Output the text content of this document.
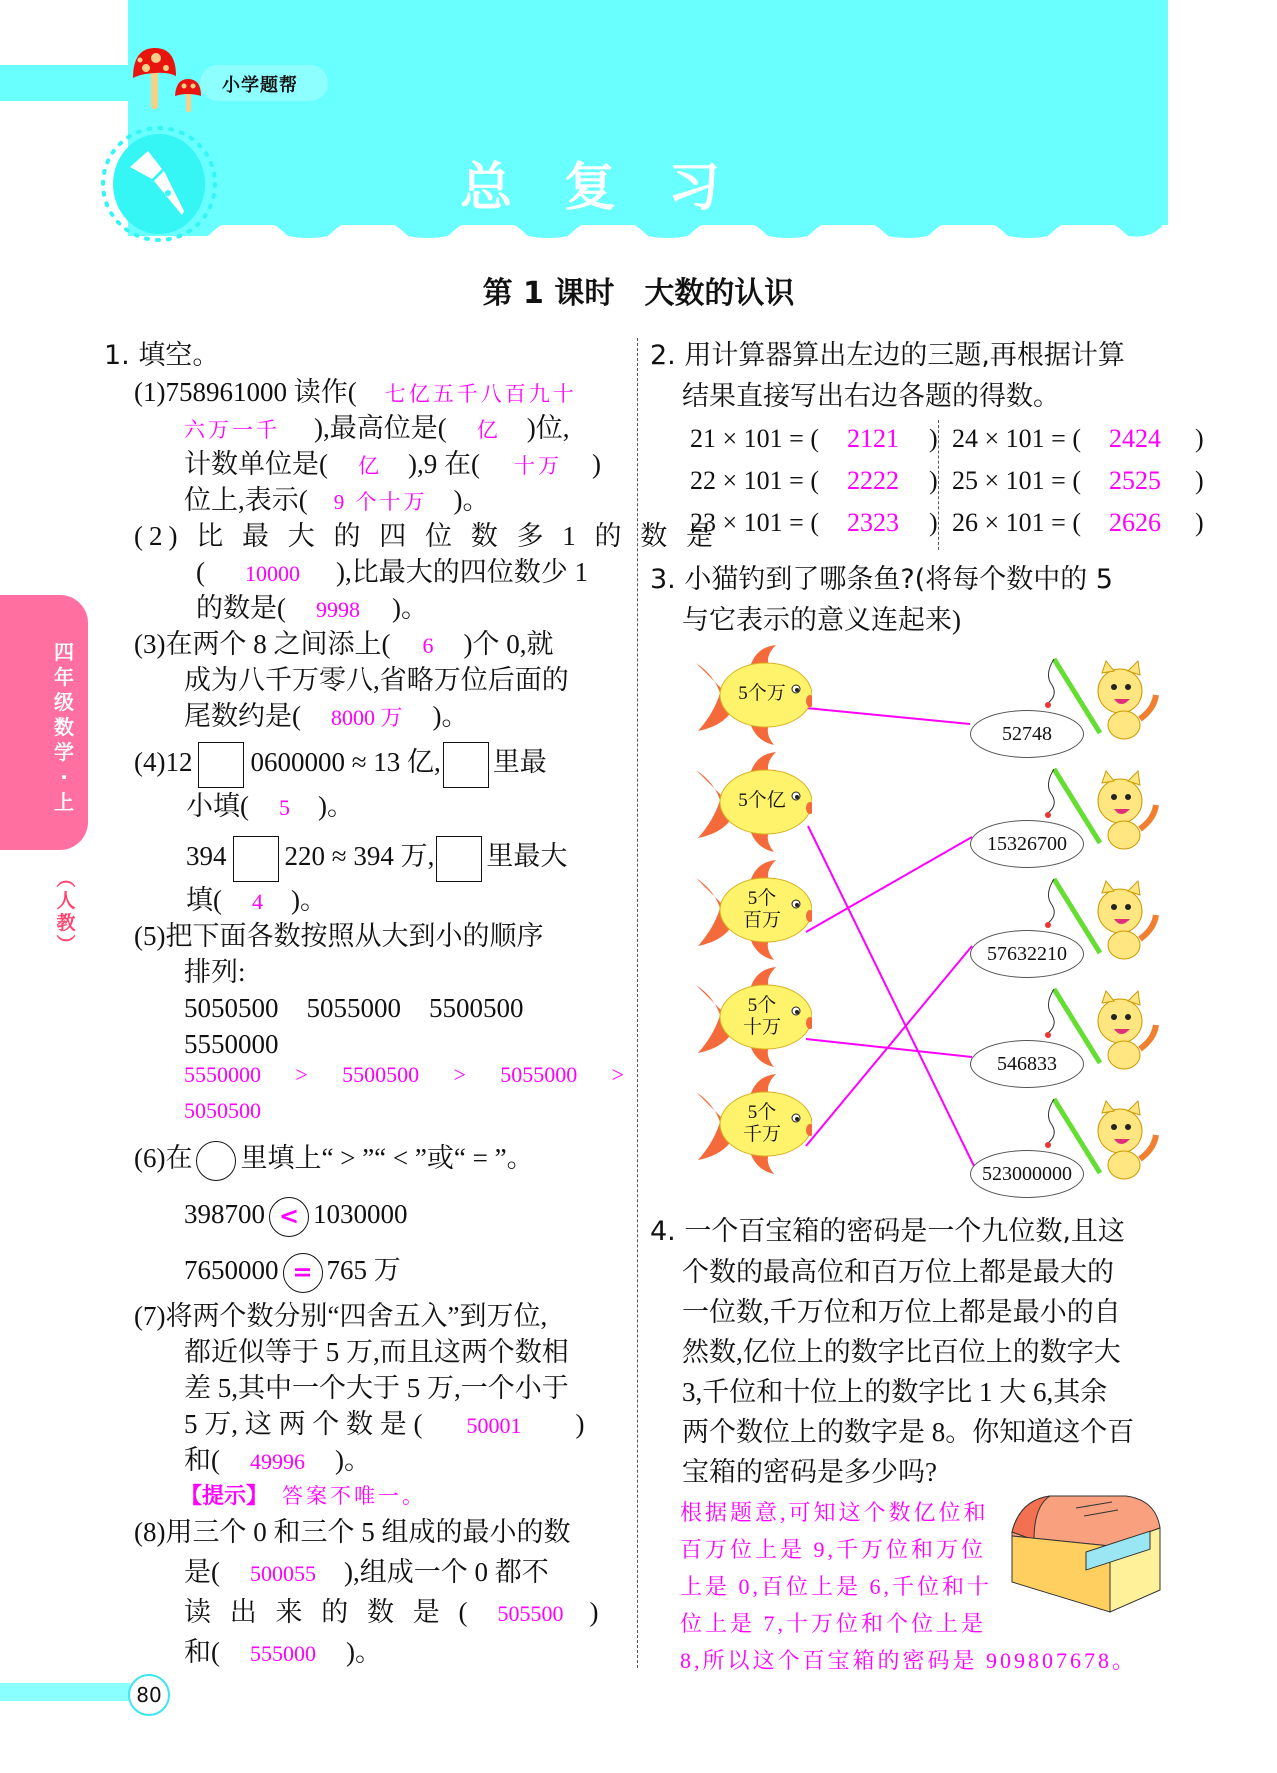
小学题帮
总复习
第 1 课时　大数的认识
四
年
级
数
学
·
上
︵
人
教
︶
1. 填空。
(1)758961000 读作( 七亿五千八百九十
六万一千 ),最高位是( 亿 )位,
计数单位是( 亿 ),9 在( 十万 )
位上,表示( 9 个十万 )。
(2) 比 最 大 的 四 位 数 多 1 的 数 是
( 10000 ),比最大的四位数少 1
的数是( 9998 )。
(3)在两个 8 之间添上( 6 )个 0,就
成为八千万零八,省略万位后面的
尾数约是( 8000 万 )。
(4)12 0600000 ≈ 13 亿, 里最
小填( 5 )。
394 220 ≈ 394 万, 里最大
填( 4 )。
(5)把下面各数按照从大到小的顺序
排列:
5050500 5055000 5500500
5550000
5550000 > 5500500 > 5055000 >
5050500
(6)在 里填上“ > ”“ < ”或“ = ”。
398700 < 1030000
7650000 = 765 万
(7)将两个数分别“四舍五入”到万位,
都近似等于 5 万,而且这两个数相
差 5,其中一个大于 5 万,一个小于
5 万, 这 两 个 数 是 ( 50001 )
和( 49996 )。
【提示】 答案不唯一。
(8)用三个 0 和三个 5 组成的最小的数
是( 500055 ),组成一个 0 都不
读 出 来 的 数 是 ( 505500 )
和( 555000 )。
2. 用计算器算出左边的三题,再根据计算
结果直接写出右边各题的得数。
21 × 101 = (	2121	)
22 × 101 = (	2222	)
23 × 101 = (	2323	)
24 × 101 = (	2424	)
25 × 101 = (	2525	)
26 × 101 = (	2626	)
3. 小猫钓到了哪条鱼?(将每个数中的 5
与它表示的意义连起来)
5个万
5个亿
5个
百万
5个
十万
5个
千万
52748
15326700
57632210
546833
523000000
4. 一个百宝箱的密码是一个九位数,且这
个数的最高位和百万位上都是最大的
一位数,千万位和万位上都是最小的自
然数,亿位上的数字比百位上的数字大
3,千位和十位上的数字比 1 大 6,其余
两个数位上的数字是 8。你知道这个百
宝箱的密码是多少吗?
根据题意,可知这个数亿位和
百万位上是 9,千万位和万位
上是 0,百位上是 6,千位和十
位上是 7,十万位和个位上是
8,所以这个百宝箱的密码是 909807678。
80
